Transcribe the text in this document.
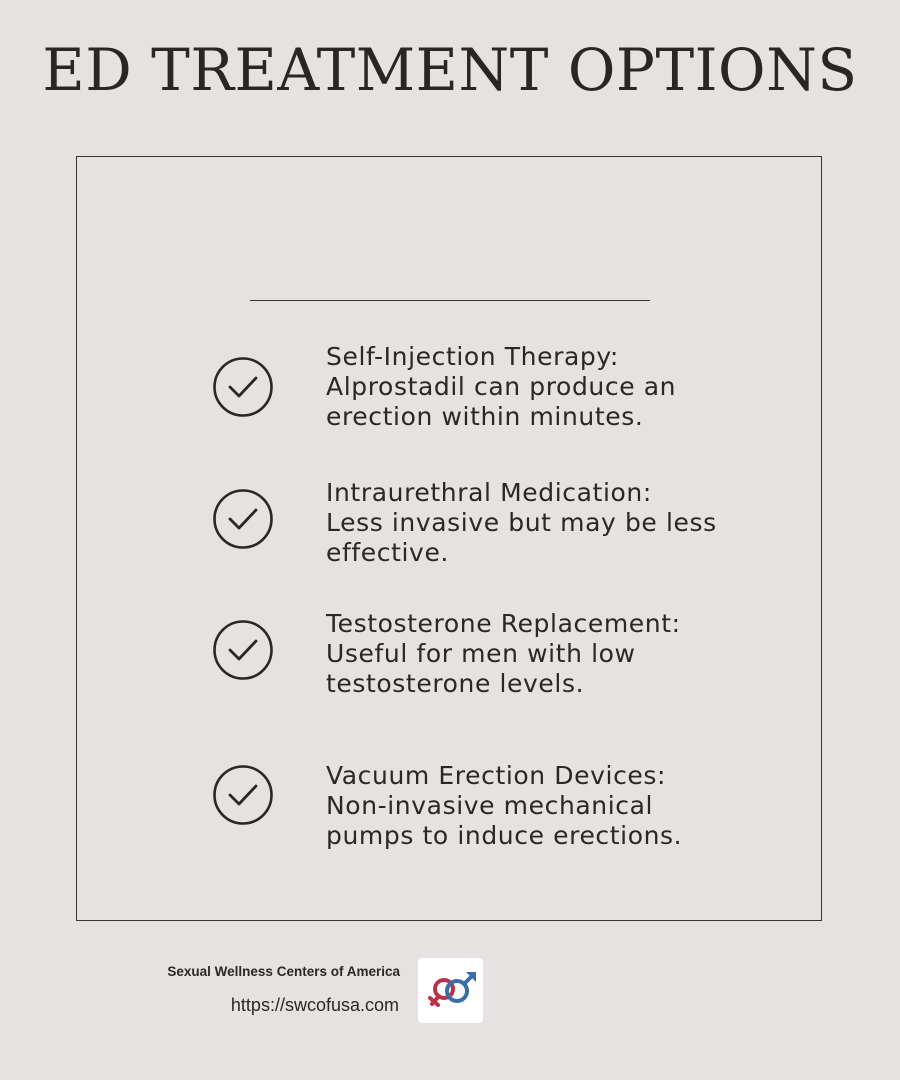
ED TREATMENT OPTIONS
Self-Injection Therapy:
Alprostadil can produce an
erection within minutes.
Intraurethral Medication:
Less invasive but may be less
effective.
Testosterone Replacement:
Useful for men with low
testosterone levels.
Vacuum Erection Devices:
Non-invasive mechanical
pumps to induce erections.
Sexual Wellness Centers of America
https://swcofusa.com
